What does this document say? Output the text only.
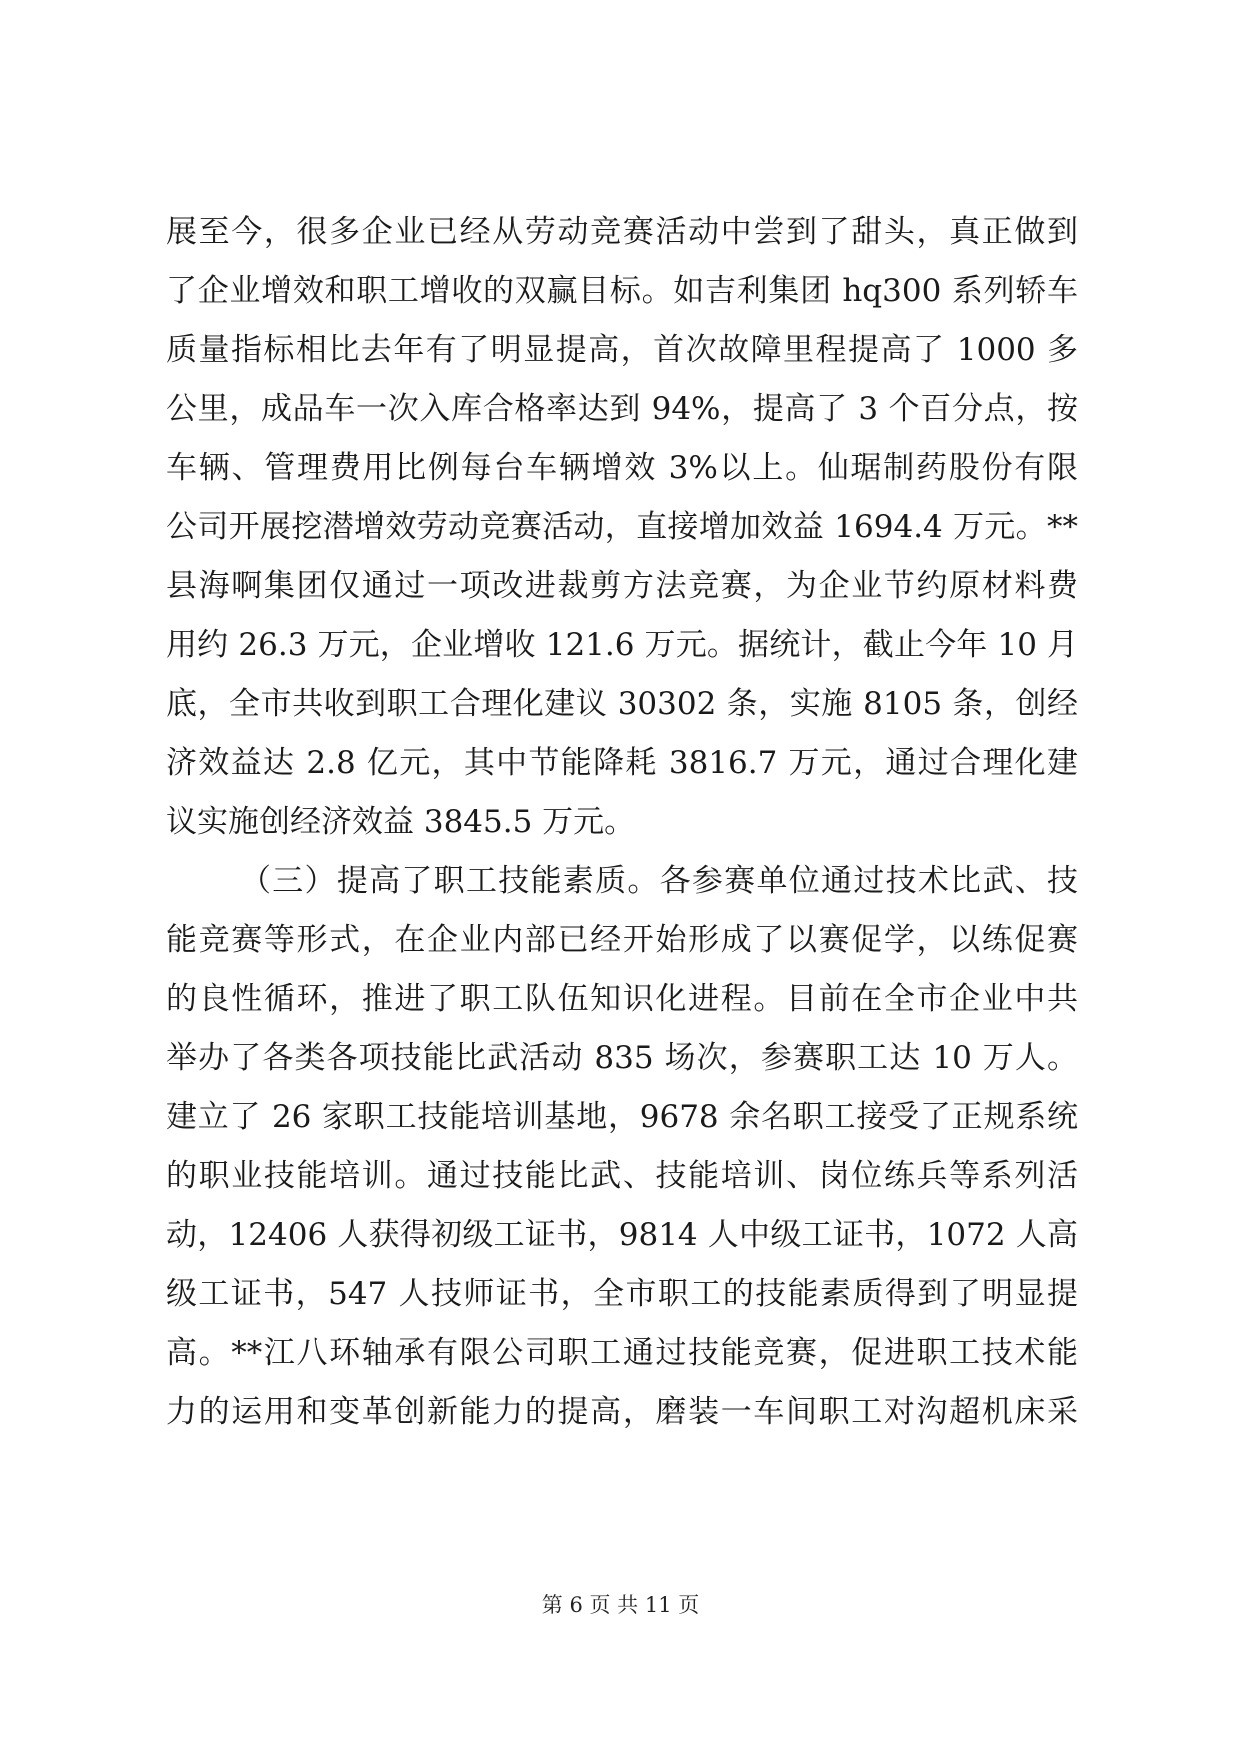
展至今，很多企业已经从劳动竞赛活动中尝到了甜头，真正做到
了企业增效和职工增收的双赢目标。如吉利集团 hq300 系列轿车
质量指标相比去年有了明显提高，首次故障里程提高了 1000 多
公里，成品车一次入库合格率达到 94%，提高了 3 个百分点，按
车辆、管理费用比例每台车辆增效 3%以上。仙琚制药股份有限
公司开展挖潜增效劳动竞赛活动，直接增加效益 1694.4 万元。**
县海啊集团仅通过一项改进裁剪方法竞赛，为企业节约原材料费
用约 26.3 万元，企业增收 121.6 万元。据统计，截止今年 10 月
底，全市共收到职工合理化建议 30302 条，实施 8105 条，创经
济效益达 2.8 亿元，其中节能降耗 3816.7 万元，通过合理化建
议实施创经济效益 3845.5 万元。
（三）提高了职工技能素质。各参赛单位通过技术比武、技
能竞赛等形式，在企业内部已经开始形成了以赛促学，以练促赛
的良性循环，推进了职工队伍知识化进程。目前在全市企业中共
举办了各类各项技能比武活动 835 场次，参赛职工达 10 万人。
建立了 26 家职工技能培训基地，9678 余名职工接受了正规系统
的职业技能培训。通过技能比武、技能培训、岗位练兵等系列活
动，12406 人获得初级工证书，9814 人中级工证书，1072 人高
级工证书，547 人技师证书，全市职工的技能素质得到了明显提
高。**江八环轴承有限公司职工通过技能竞赛，促进职工技术能
力的运用和变革创新能力的提高，磨装一车间职工对沟超机床采
第 6 页 共 11 页
